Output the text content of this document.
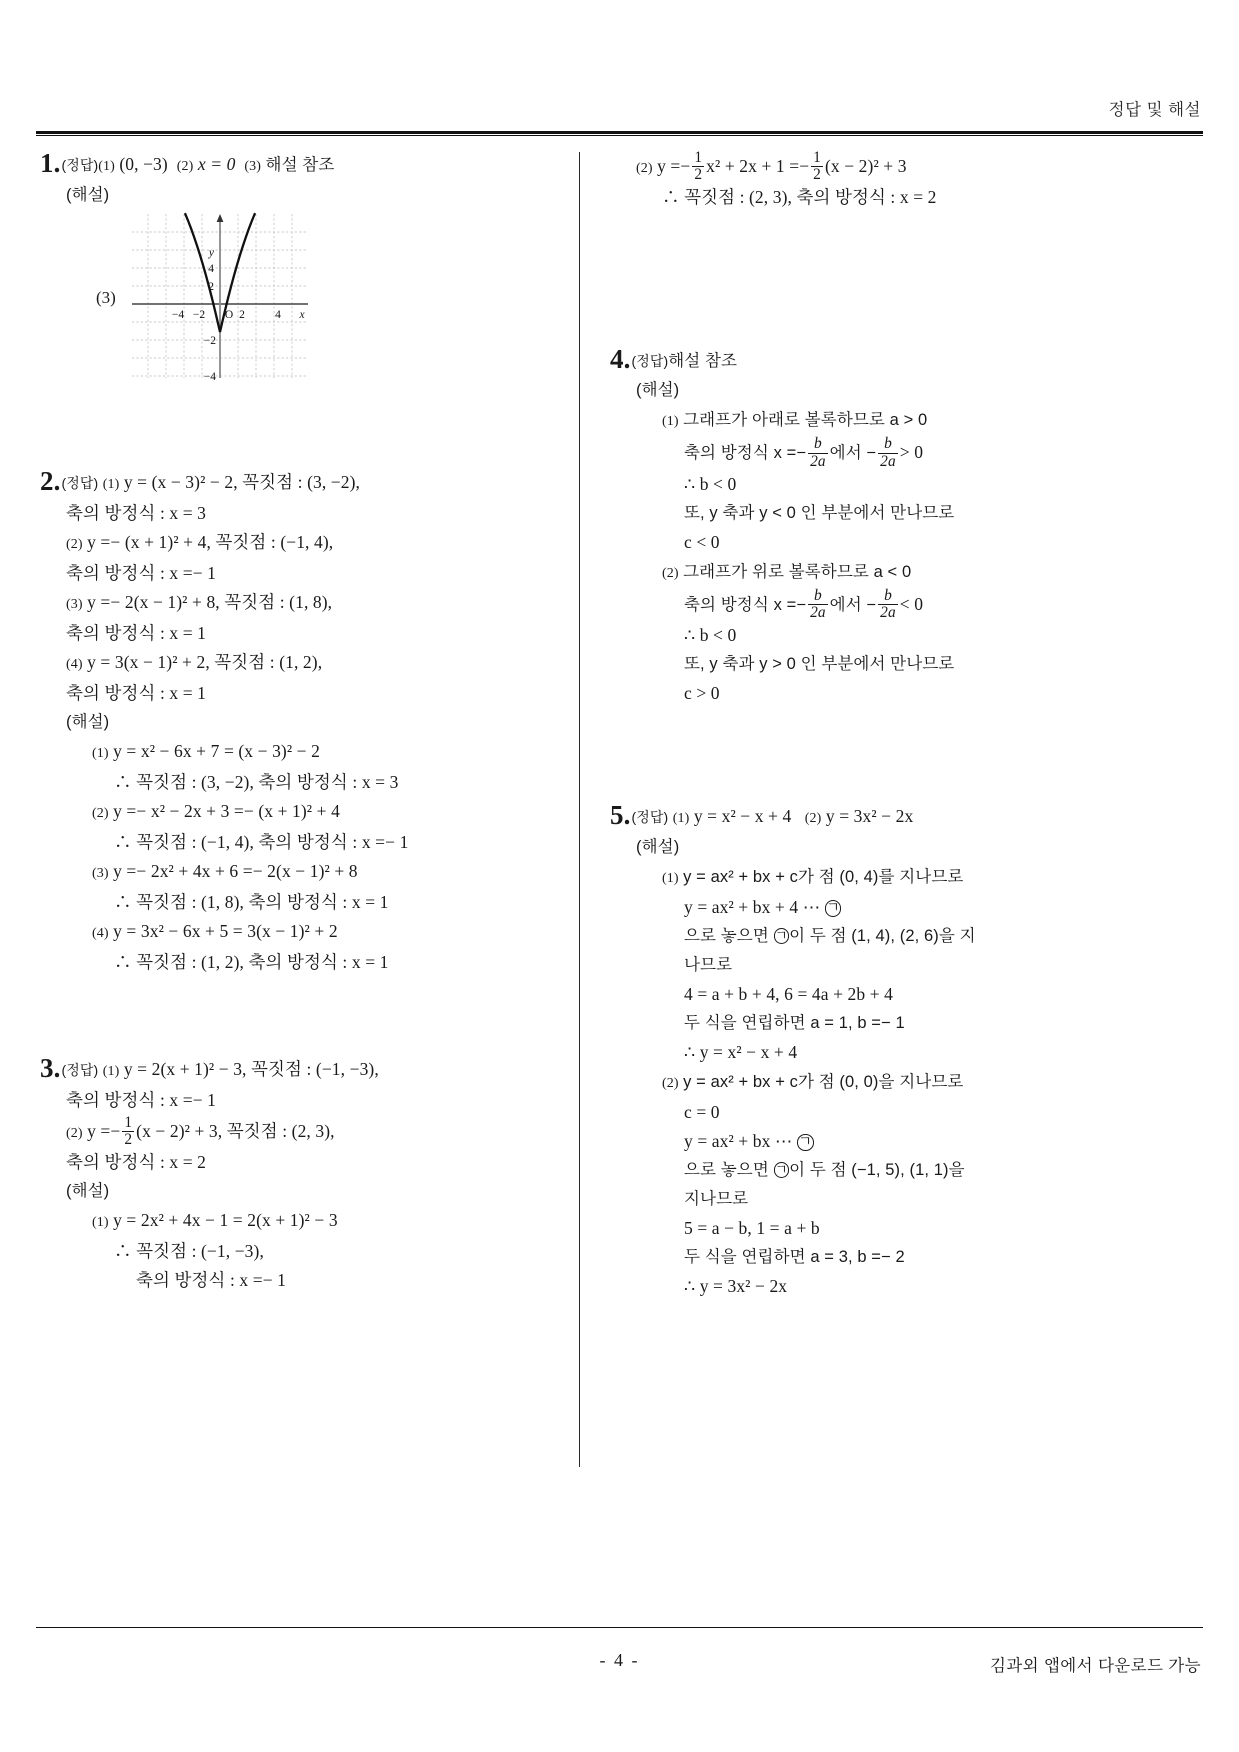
정답 및 해설
1.(정답)(1) (0, −3) (2) x = 0 (3) 해설 참조
(해설)
(3)
−4 −2	2	4
O
4
2
−2
−4
y
x
2.(정답) (1) y = (x − 3)² − 2, 꼭짓점 : (3, −2),
축의 방정식 : x = 3
(2) y =− (x + 1)² + 4, 꼭짓점 : (−1, 4),
축의 방정식 : x =− 1
(3) y =− 2(x − 1)² + 8, 꼭짓점 : (1, 8),
축의 방정식 : x = 1
(4) y = 3(x − 1)² + 2, 꼭짓점 : (1, 2),
축의 방정식 : x = 1
(해설)
(1) y = x² − 6x + 7 = (x − 3)² − 2
∴ 꼭짓점 : (3, −2), 축의 방정식 : x = 3
(2) y =− x² − 2x + 3 =− (x + 1)² + 4
∴ 꼭짓점 : (−1, 4), 축의 방정식 : x =− 1
(3) y =− 2x² + 4x + 6 =− 2(x − 1)² + 8
∴ 꼭짓점 : (1, 8), 축의 방정식 : x = 1
(4) y = 3x² − 6x + 5 = 3(x − 1)² + 2
∴ 꼭짓점 : (1, 2), 축의 방정식 : x = 1
3.(정답) (1) y = 2(x + 1)² − 3, 꼭짓점 : (−1, −3),
축의 방정식 : x =− 1
(2) $y =- \frac{1}{2} (x - 2)^2 + 3$, 꼭짓점 : (2, 3),
축의 방정식 : x = 2
(해설)
(1) y = 2x² + 4x − 1 = 2(x + 1)² − 3
∴ 꼭짓점 : (−1, −3),
축의 방정식 : x =− 1
(2) $y =- \frac{1}{2} x^2 + 2x + 1 =- \frac{1}{2} (x - 2)^2 + 3$
∴ 꼭짓점 : (2, 3), 축의 방정식 : x = 2
4.(정답)해설 참조
(해설)
(1) 그래프가 아래로 볼록하므로 a > 0
축의 방정식 $x =- \frac{b}{2a}$ 에서 − $\frac{b}{2a} > 0$
∴ b < 0
또, y 축과 y < 0 인 부분에서 만나므로
c < 0
(2) 그래프가 위로 볼록하므로 a < 0
축의 방정식 $x =- \frac{b}{2a}$ 에서 − $\frac{b}{2a} < 0$
∴ b < 0
또, y 축과 y > 0 인 부분에서 만나므로
c > 0
5.(정답) (1) y = x² − x + 4 (2) y = 3x² − 2x
(해설)
(1) y = ax² + bx + c가 점 (0, 4)를 지나므로
y = ax² + bx + 4 ⋯ ㄱ
으로 놓으면 ㄱ이 두 점 (1, 4), (2, 6)을 지
나므로
4 = a + b + 4, 6 = 4a + 2b + 4
두 식을 연립하면 a = 1, b =− 1
∴ y = x² − x + 4
(2) y = ax² + bx + c가 점 (0, 0)을 지나므로
c = 0
y = ax² + bx ⋯ ㄱ
으로 놓으면 ㄱ이 두 점 (−1, 5), (1, 1)을
지나므로
5 = a − b, 1 = a + b
두 식을 연립하면 a = 3, b =− 2
∴ y = 3x² − 2x
- 4 -	김과외 앱에서 다운로드 가능
